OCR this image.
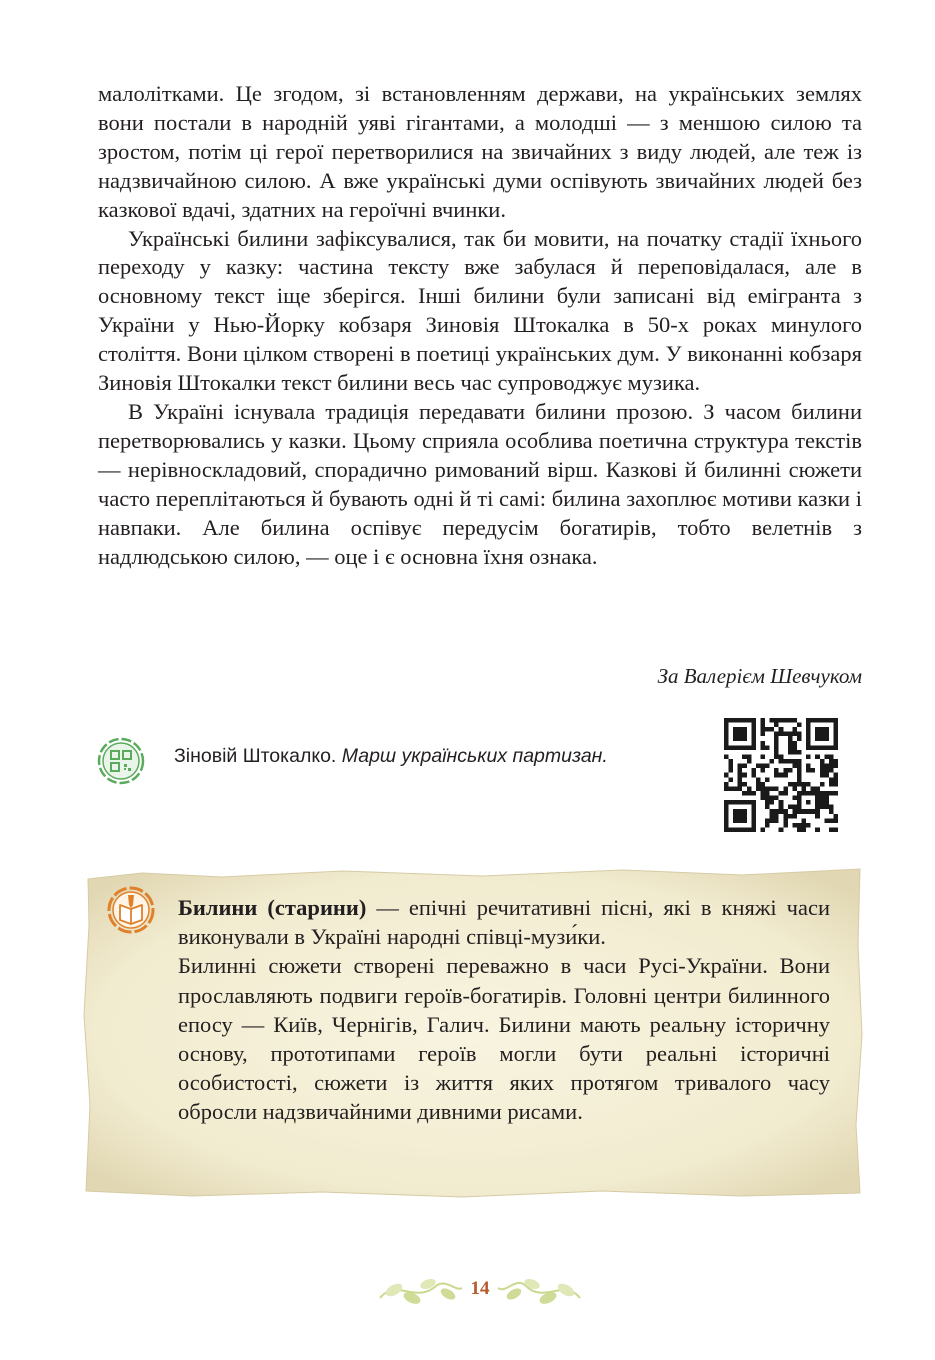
малолітками. Це згодом, зі встановленням держави, на українських землях вони постали в народній уяві гігантами, а молодші — з меншою силою та зростом, потім ці герої перетворилися на звичайних з виду людей, але теж із надзвичайною силою. А вже українські думи оспівують звичайних людей без казкової вдачі, здатних на героїчні вчинки.

Українські билини зафіксувалися, так би мовити, на початку стадії їхнього переходу у казку: частина тексту вже забулася й переповідалася, але в основному текст іще зберігся. Інші билини були записані від емігранта з України у Нью-Йорку кобзаря Зиновія Штокалка в 50-х роках минулого століття. Вони цілком створені в поетиці українських дум. У виконанні кобзаря Зиновія Штокалки текст билини весь час супроводжує музика.

В Україні існувала традиція передавати билини прозою. З часом билини перетворювались у казки. Цьому сприяла особлива поетична структура текстів — нерівноскладовий, спорадично римований вірш. Казкові й билинні сюжети часто переплітаються й бувають одні й ті самі: билина захоплює мотиви казки і навпаки. Але билина оспівує передусім богатирів, тобто велетнів з надлюдською силою, — оце і є основна їхня ознака.

За Валерієм Шевчуком
Зіновій Штокалко. Марш українських партизан.

Билини (старини) — епічні речитативні пісні, які в княжі часи виконували в Україні народні співці-музи́ки.

Билинні сюжети створені переважно в часи Русі-України. Вони прославляють подвиги героїв-богатирів. Головні центри билинного епосу — Київ, Чернігів, Галич. Билини мають реальну історичну основу, прототипами героїв могли бути реальні історичні особистості, сюжети із життя яких протягом тривалого часу обросли надзвичайними дивними рисами.

14
